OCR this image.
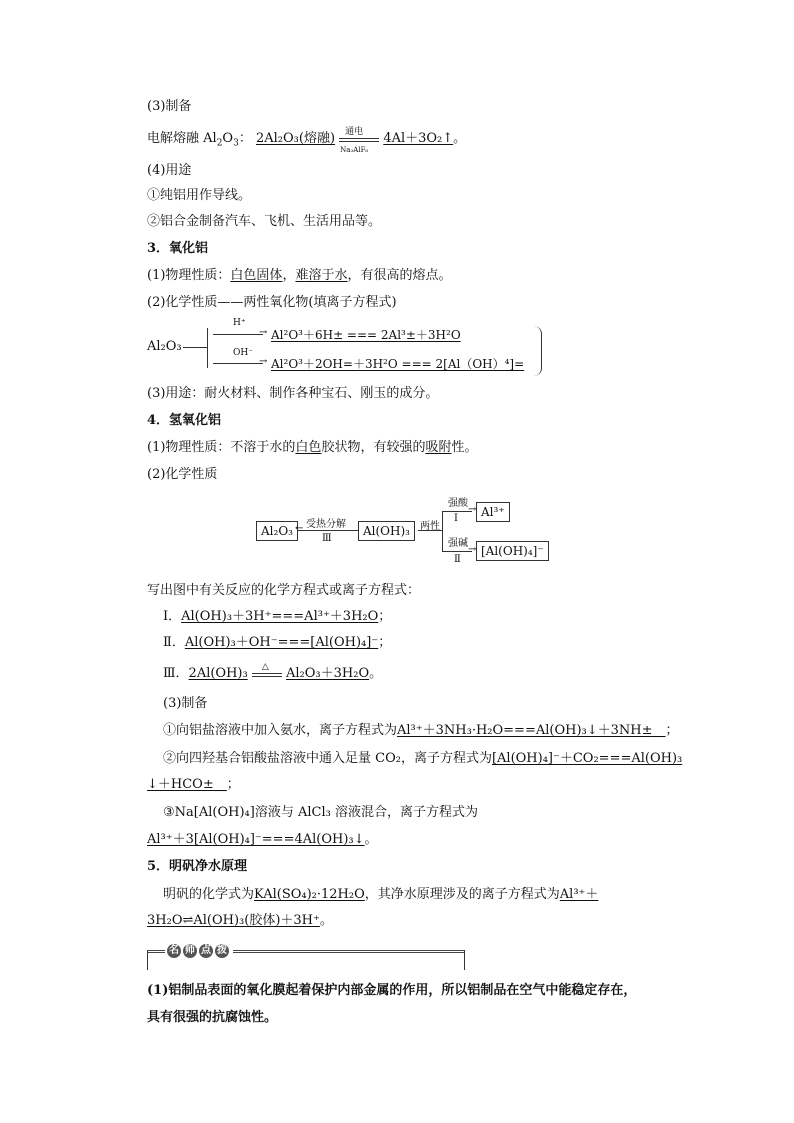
(3)制备
电解熔融 $Al_2O_3$： 2Al₂O₃(熔融) 通电
Na₃AlF₆
4Al＋3O₂↑。
(4)用途
①纯铝用作导线。
②铝合金制备汽车、飞机、生活用品等。
3．氧化铝
(1)物理性质：白色固体，难溶于水，有很高的熔点。
(2)化学性质——两性氧化物(填离子方程式)
Al₂O₃
H⁺
→ Al²O³＋6H± === 2Al³±＋3H²O
OH⁻
→ Al²O³＋2OH=＋3H²O === 2[Al（OH）⁴]=
(3)用途：耐火材料、制作各种宝石、刚玉的成分。
4．氢氧化铝
(1)物理性质：不溶于水的白色胶状物，有较强的吸附性。
(2)化学性质
Al₂O₃ ← 受热分解
Ⅲ
Al(OH)₃	两性
强酸
Ⅰ
强碱
Ⅱ
→
→
Al³⁺
[Al(OH)₄]⁻
写出图中有关反应的化学方程式或离子方程式：
Ⅰ．Al(OH)₃＋3H⁺===Al³⁺＋3H₂O；
Ⅱ．Al(OH)₃＋OH⁻===[Al(OH)₄]⁻；
Ⅲ．2Al(OH)₃ △ Al₂O₃＋3H₂O。
(3)制备
①向铝盐溶液中加入氨水，离子方程式为Al³⁺＋3NH₃·H₂O===Al(OH)₃↓＋3NH±__；
②向四羟基合铝酸盐溶液中通入足量 CO₂，离子方程式为[Al(OH)₄]⁻＋CO₂===Al(OH)₃
↓＋HCO±__；
③Na[Al(OH)₄]溶液与 AlCl₃ 溶液混合，离子方程式为
Al³⁺＋3[Al(OH)₄]⁻===4Al(OH)₃↓。
5．明矾净水原理
明矾的化学式为KAl(SO₄)₂·12H₂O，其净水原理涉及的离子方程式为Al³⁺＋
3H₂O⇌Al(OH)₃(胶体)＋3H⁺。
名 师 点 拨
(1)铝制品表面的氧化膜起着保护内部金属的作用，所以铝制品在空气中能稳定存在，
具有很强的抗腐蚀性。
